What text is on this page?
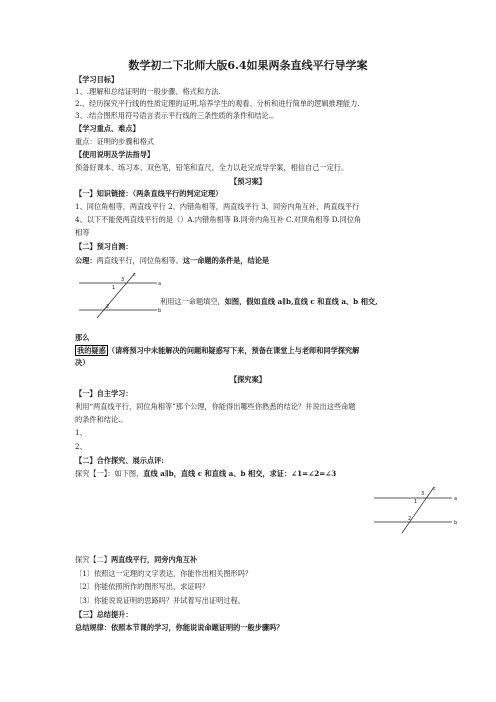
数学初二下北师大版6.4如果两条直线平行导学案
【学习目标】
1、.理解和总结证明的一般步骤、格式和方法.
2.、经历探究平行线的性质定理的证明,培养学生的观看、分析和进行简单的逻辑推理能力.
3、.结合图形用符号语言表示平行线的三条性质的条件和结论.。
【学习重点、难点】
重点：证明的步骤和格式
【使用说明及学法指导】
预备好课本、练习本、双色笔，铅笔和直尺，全力以赴完成导学案，相信自己一定行。
【预习案】
【一】知识链接：（两条直线平行的判定定理）
1、同位角相等，两直线平行 2、内错角相等，两直线平行 3、同旁内角互补，两直线平行
4、以下不能使两直线平行的是（）A.内错角相等 B.同旁内角互补 C.对顶角相等 D.同位角
相等
【二】预习自测：
公理：两直线平行，同位角相等。这一命题的条件是，结论是
a
b
c
3
1
2
利用这一命题填空，如图，假如直线 a∥b,直线 c 和直线 a、b 相交,
那么
我的疑惑 （请将预习中未能解决的问题和疑惑写下来，预备在课堂上与老师和同学探究解
决）
【探究案】
【一】自主学习：
利用“两直线平行，同位角相等”那个公理，你能得出哪些你熟悉的结论？并说出这些命题
的条件和结论.。
1、
2、
【二】合作探究、展示点评:
探究【一】：如下图，直线 a∥b，直线 c 和直线 a、b 相交，求证：∠1=∠2=∠3
a
b
c
3
1
2
探究【二】两直线平行，同旁内角互补
〔1〕依照这一定理的文字表达，你能作出相关图形吗？
〔2〕你能依照所作的图形写出、求证吗？
〔3〕你能说说证明的思路吗？并试着写出证明过程。
【三】总结提升：
总结规律：依照本节课的学习，你能说说命题证明的一般步骤吗？
